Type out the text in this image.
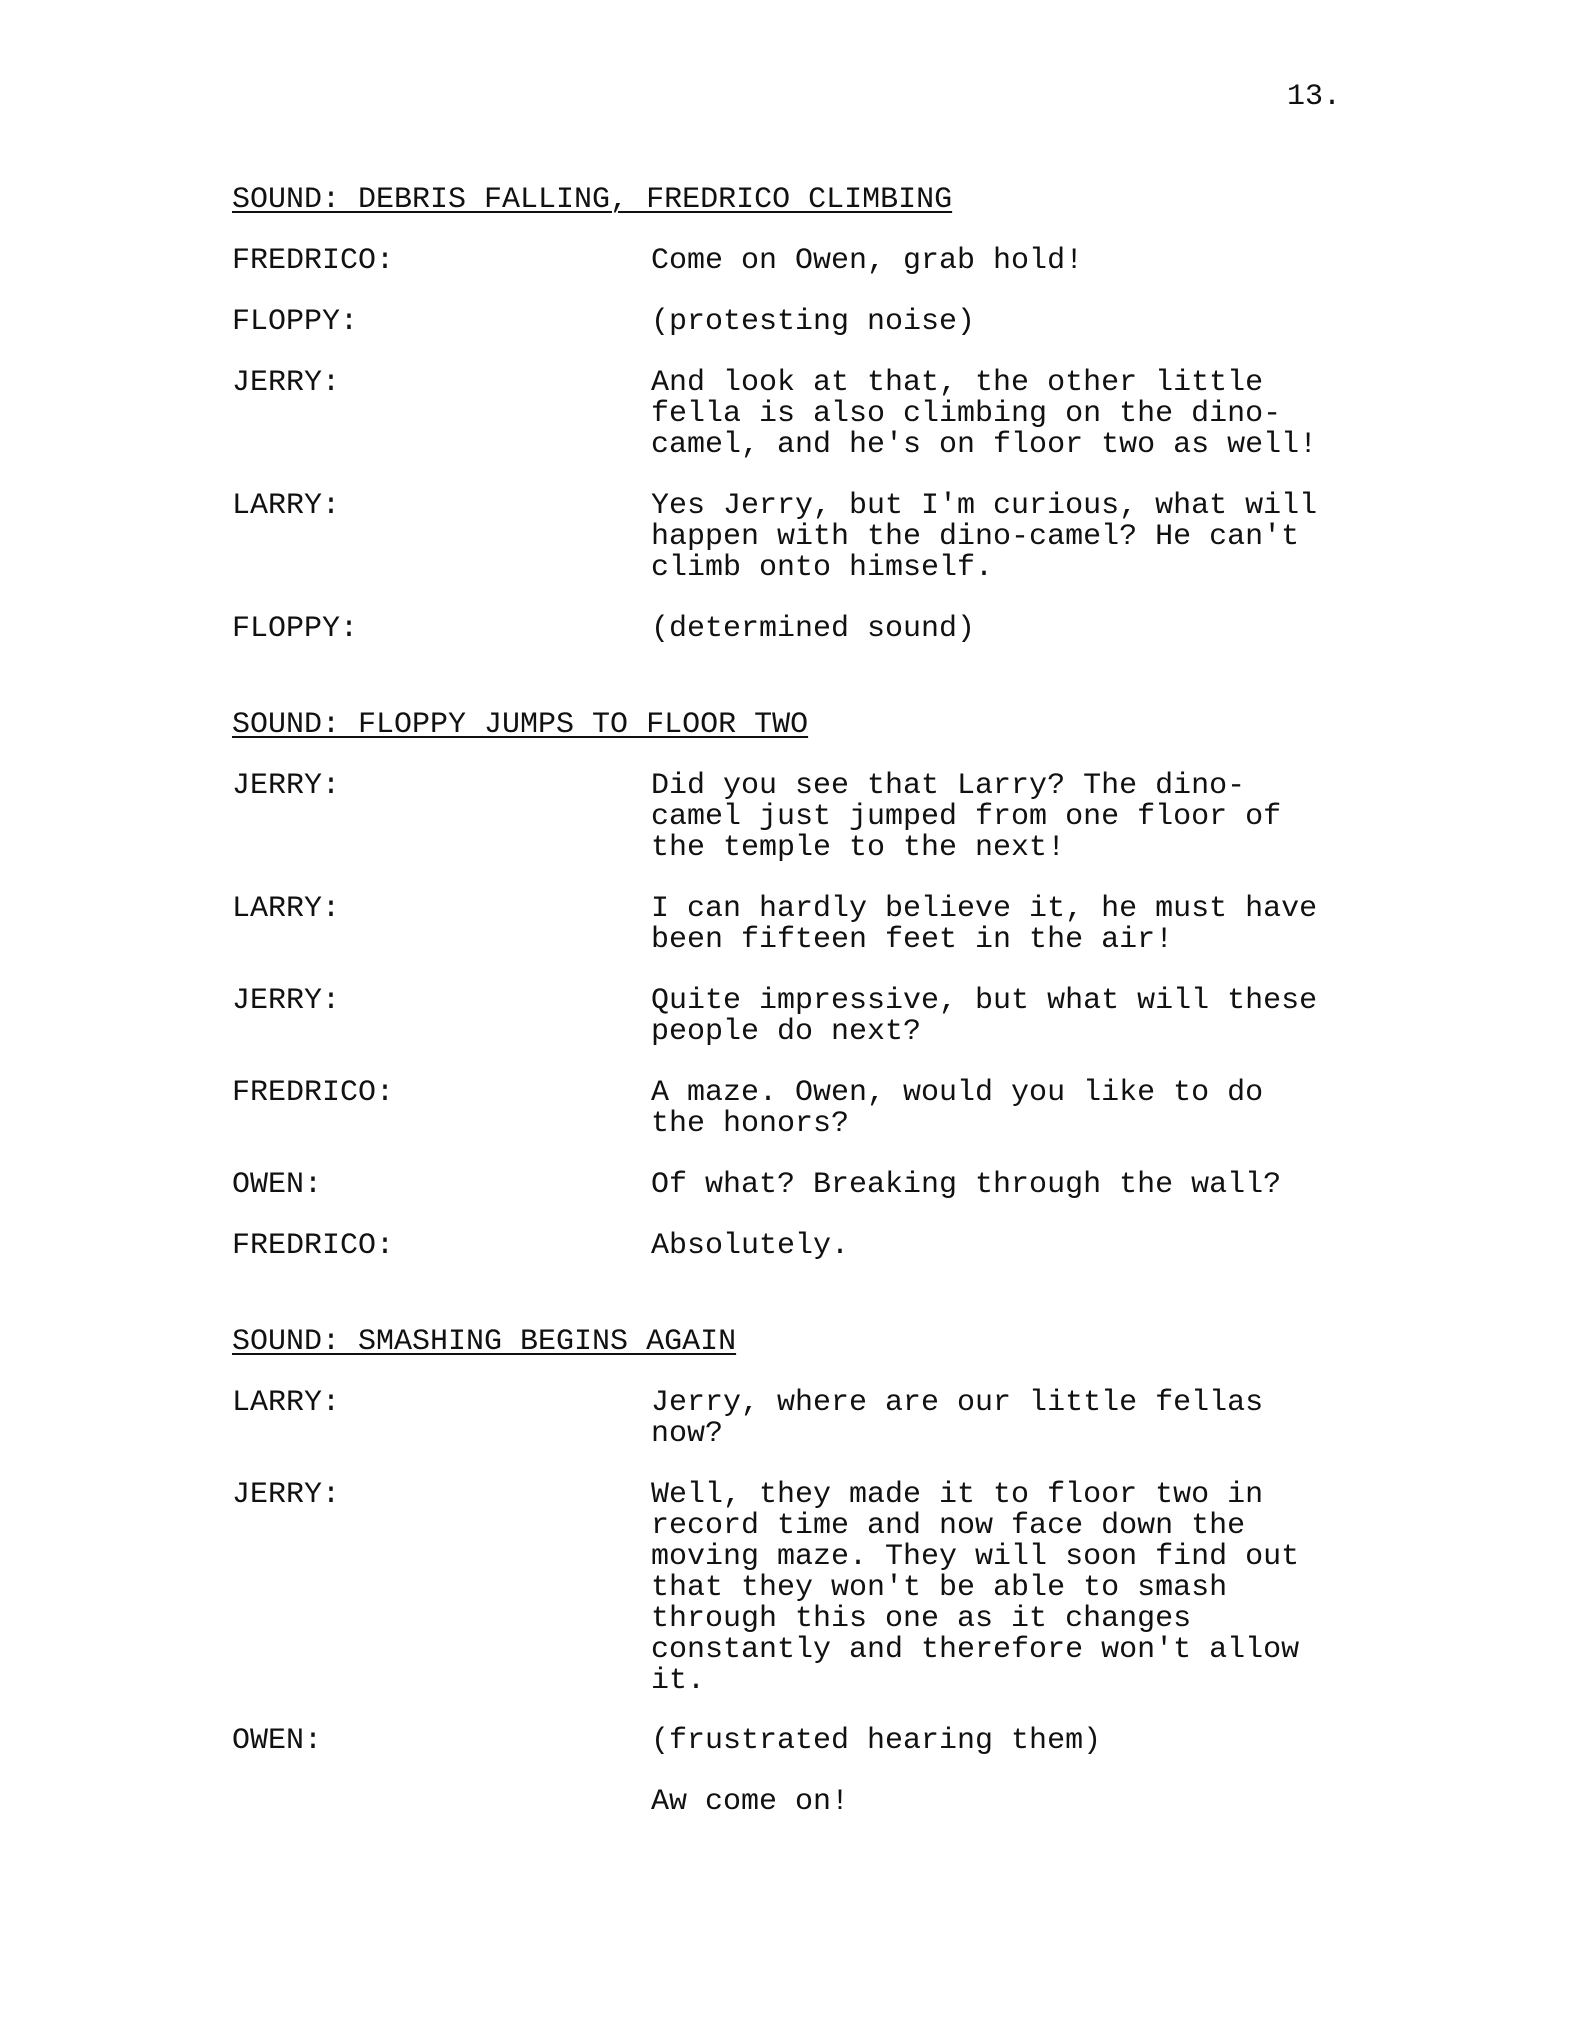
13.
SOUND: DEBRIS FALLING, FREDRICO CLIMBING
FREDRICO:	Come on Owen, grab hold!
FLOPPY:	(protesting noise)
JERRY:	And look at that, the other little
fella is also climbing on the dino-
camel, and he's on floor two as well!
LARRY:	Yes Jerry, but I'm curious, what will
happen with the dino-camel? He can't
climb onto himself.
FLOPPY:	(determined sound)
SOUND: FLOPPY JUMPS TO FLOOR TWO
JERRY:	Did you see that Larry? The dino-
camel just jumped from one floor of
the temple to the next!
LARRY:	I can hardly believe it, he must have
been fifteen feet in the air!
JERRY:	Quite impressive, but what will these
people do next?
FREDRICO:	A maze. Owen, would you like to do
the honors?
OWEN:	Of what? Breaking through the wall?
FREDRICO:	Absolutely.
SOUND: SMASHING BEGINS AGAIN
LARRY:	Jerry, where are our little fellas
now?
JERRY:	Well, they made it to floor two in
record time and now face down the
moving maze. They will soon find out
that they won't be able to smash
through this one as it changes
constantly and therefore won't allow
it.
OWEN:	(frustrated hearing them)
Aw come on!
